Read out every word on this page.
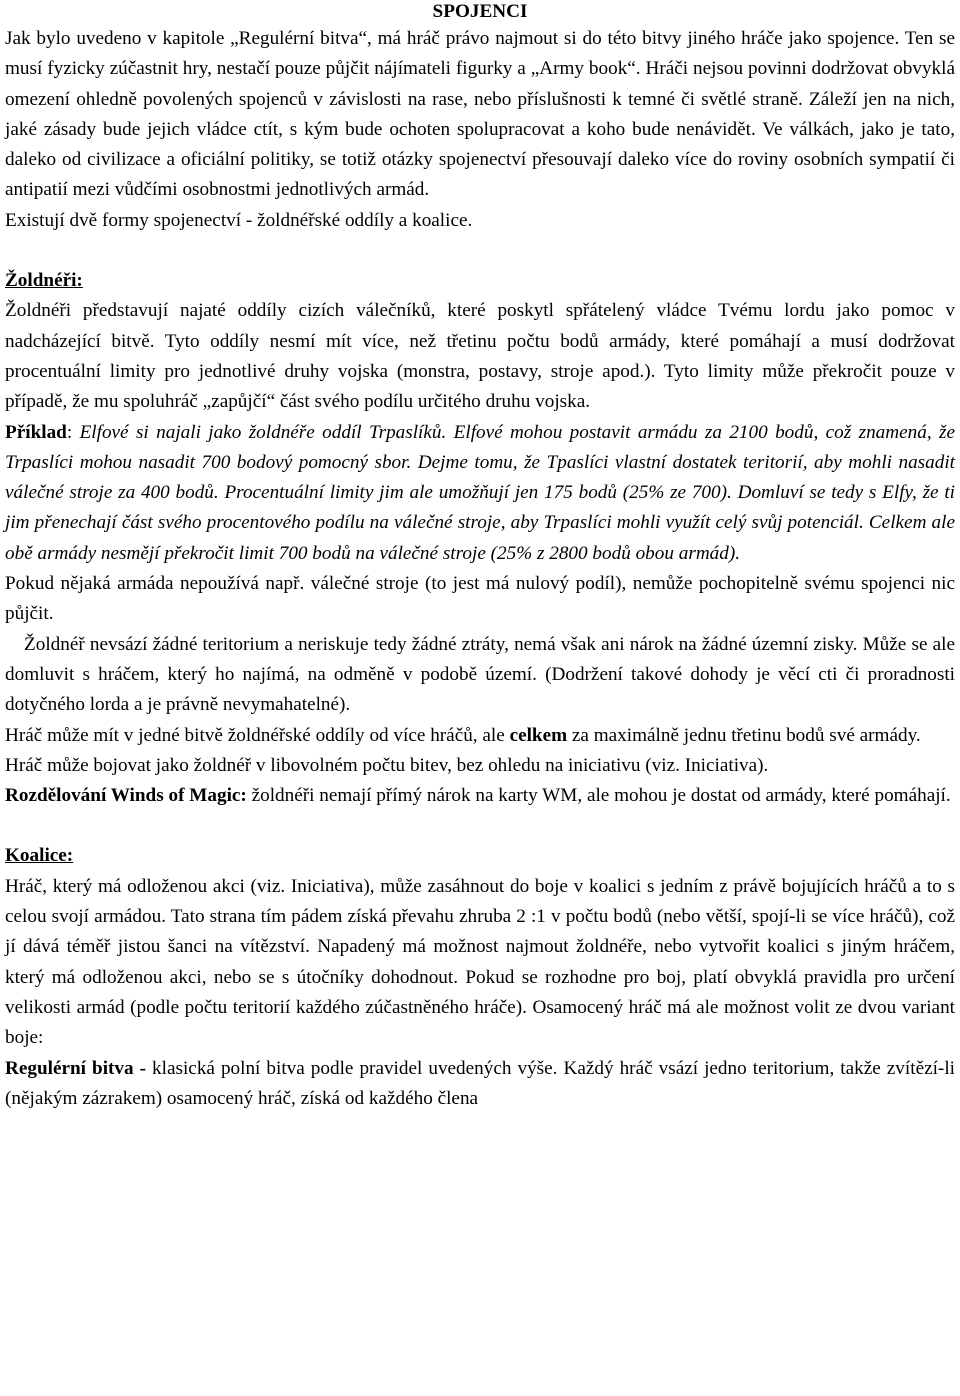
SPOJENCI

Jak bylo uvedeno v kapitole „Regulérní bitva“, má hráč právo najmout si do této bitvy jiného hráče jako spojence. Ten se musí fyzicky zúčastnit hry, nestačí pouze půjčit nájímateli figurky a „Army book“. Hráči nejsou povinni dodržovat obvyklá omezení ohledně povolených spojenců v závislosti na rase, nebo příslušnosti k temné či světlé straně. Záleží jen na nich, jaké zásady bude jejich vládce ctít, s kým bude ochoten spolupracovat a koho bude nenávidět. Ve válkách, jako je tato, daleko od civilizace a oficiální politiky, se totiž otázky spojenectví přesouvají daleko více do roviny osobních sympatií či antipatií mezi vůdčími osobnostmi jednotlivých armád.

Existují dvě formy spojenectví - žoldnéřské oddíly a koalice.

Žoldnéři:

Žoldnéři představují najaté oddíly cizích válečníků, které poskytl spřátelený vládce Tvému lordu jako pomoc v nadcházející bitvě. Tyto oddíly nesmí mít více, než třetinu počtu bodů armády, které pomáhají a musí dodržovat procentuální limity pro jednotlivé druhy vojska (monstra, postavy, stroje apod.). Tyto limity může překročit pouze v případě, že mu spoluhráč „zapůjčí“ část svého podílu určitého druhu vojska.

Příklad: Elfové si najali jako žoldnéře oddíl Trpaslíků. Elfové mohou postavit armádu za 2100 bodů, což znamená, že Trpaslíci mohou nasadit 700 bodový pomocný sbor. Dejme tomu, že Tpaslíci vlastní dostatek teritorií, aby mohli nasadit válečné stroje za 400 bodů. Procentuální limity jim ale umožňují jen 175 bodů (25% ze 700). Domluví se tedy s Elfy, že ti jim přenechají část svého procentového podílu na válečné stroje, aby Trpaslíci mohli využít celý svůj potenciál. Celkem ale obě armády nesmějí překročit limit 700 bodů na válečné stroje (25% z 2800 bodů obou armád).

Pokud nějaká armáda nepoužívá např. válečné stroje (to jest má nulový podíl), nemůže pochopitelně svému spojenci nic půjčit.

Žoldnéř nevsází žádné teritorium a neriskuje tedy žádné ztráty, nemá však ani nárok na žádné územní zisky. Může se ale domluvit s hráčem, který ho najímá, na odměně v podobě území. (Dodržení takové dohody je věcí cti či proradnosti dotyčného lorda a je právně nevymahatelné).

Hráč může mít v jedné bitvě žoldnéřské oddíly od více hráčů, ale celkem za maximálně jednu třetinu bodů své armády.

Hráč může bojovat jako žoldnéř v libovolném počtu bitev, bez ohledu na iniciativu (viz. Iniciativa).

Rozdělování Winds of Magic: žoldnéři nemají přímý nárok na karty WM, ale mohou je dostat od armády, které pomáhají.

Koalice:

Hráč, který má odloženou akci (viz. Iniciativa), může zasáhnout do boje v koalici s jedním z právě bojujících hráčů a to s celou svojí armádou. Tato strana tím pádem získá převahu zhruba 2 :1 v počtu bodů (nebo větší, spojí-li se více hráčů), což jí dává téměř jistou šanci na vítězství. Napadený má možnost najmout žoldnéře, nebo vytvořit koalici s jiným hráčem, který má odloženou akci, nebo se s útočníky dohodnout. Pokud se rozhodne pro boj, platí obvyklá pravidla pro určení velikosti armád (podle počtu teritorií každého zúčastněného hráče). Osamocený hráč má ale možnost volit ze dvou variant boje:

Regulérní bitva - klasická polní bitva podle pravidel uvedených výše. Každý hráč vsází jedno teritorium, takže zvítězí-li (nějakým zázrakem) osamocený hráč, získá od každého člena
